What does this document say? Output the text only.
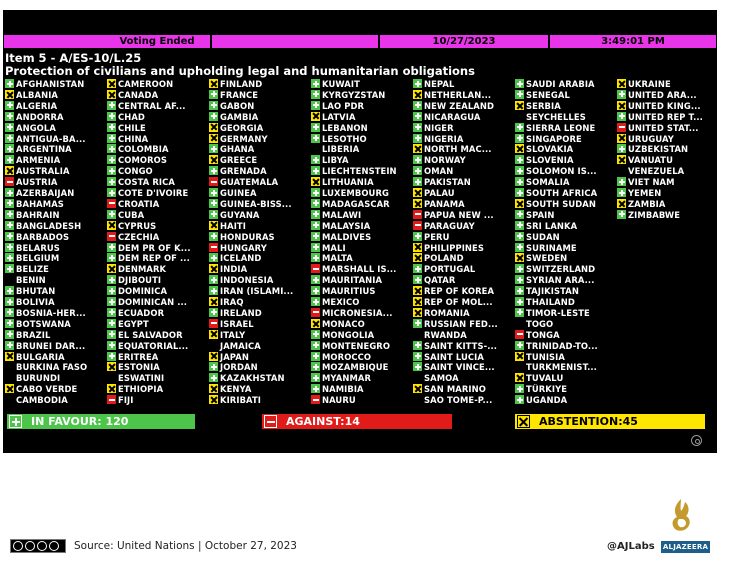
Voting Ended	10/27/2023	3:49:01 PM
Item 5 - A/ES-10/L.25
Protection of civilians and upholding legal and humanitarian obligations
AFGHANISTAN
ALBANIA
ALGERIA
ANDORRA
ANGOLA
ANTIGUA-BA...
ARGENTINA
ARMENIA
AUSTRALIA
AUSTRIA
AZERBAIJAN
BAHAMAS
BAHRAIN
BANGLADESH
BARBADOS
BELARUS
BELGIUM
BELIZE
BENIN
BHUTAN
BOLIVIA
BOSNIA-HER...
BOTSWANA
BRAZIL
BRUNEI DAR...
BULGARIA
BURKINA FASO
BURUNDI
CABO VERDE
CAMBODIA
CAMEROON
CANADA
CENTRAL AF...
CHAD
CHILE
CHINA
COLOMBIA
COMOROS
CONGO
COSTA RICA
COTE D'IVOIRE
CROATIA
CUBA
CYPRUS
CZECHIA
DEM PR OF K...
DEM REP OF ...
DENMARK
DJIBOUTI
DOMINICA
DOMINICAN ...
ECUADOR
EGYPT
EL SALVADOR
EQUATORIAL...
ERITREA
ESTONIA
ESWATINI
ETHIOPIA
FIJI
FINLAND
FRANCE
GABON
GAMBIA
GEORGIA
GERMANY
GHANA
GREECE
GRENADA
GUATEMALA
GUINEA
GUINEA-BISS...
GUYANA
HAITI
HONDURAS
HUNGARY
ICELAND
INDIA
INDONESIA
IRAN (ISLAMI...
IRAQ
IRELAND
ISRAEL
ITALY
JAMAICA
JAPAN
JORDAN
KAZAKHSTAN
KENYA
KIRIBATI
KUWAIT
KYRGYZSTAN
LAO PDR
LATVIA
LEBANON
LESOTHO
LIBERIA
LIBYA
LIECHTENSTEIN
LITHUANIA
LUXEMBOURG
MADAGASCAR
MALAWI
MALAYSIA
MALDIVES
MALI
MALTA
MARSHALL IS...
MAURITANIA
MAURITIUS
MEXICO
MICRONESIA...
MONACO
MONGOLIA
MONTENEGRO
MOROCCO
MOZAMBIQUE
MYANMAR
NAMIBIA
NAURU
NEPAL
NETHERLAN...
NEW ZEALAND
NICARAGUA
NIGER
NIGERIA
NORTH MAC...
NORWAY
OMAN
PAKISTAN
PALAU
PANAMA
PAPUA NEW ...
PARAGUAY
PERU
PHILIPPINES
POLAND
PORTUGAL
QATAR
REP OF KOREA
REP OF MOL...
ROMANIA
RUSSIAN FED...
RWANDA
SAINT KITTS-...
SAINT LUCIA
SAINT VINCE...
SAMOA
SAN MARINO
SAO TOME-P...
SAUDI ARABIA
SENEGAL
SERBIA
SEYCHELLES
SIERRA LEONE
SINGAPORE
SLOVAKIA
SLOVENIA
SOLOMON IS...
SOMALIA
SOUTH AFRICA
SOUTH SUDAN
SPAIN
SRI LANKA
SUDAN
SURINAME
SWEDEN
SWITZERLAND
SYRIAN ARA...
TAJIKISTAN
THAILAND
TIMOR-LESTE
TOGO
TONGA
TRINIDAD-TO...
TUNISIA
TURKMENIST...
TUVALU
TÜRKIYE
UGANDA
UKRAINE
UNITED ARA...
UNITED KING...
UNITED REP T...
UNITED STAT...
URUGUAY
UZBEKISTAN
VANUATU
VENEZUELA
VIET NAM
YEMEN
ZAMBIA
ZIMBABWE
IN FAVOUR: 120	AGAINST:14	ABSTENTION:45
Source: United Nations | October 27, 2023	@AJLabs ALJAZEERA
